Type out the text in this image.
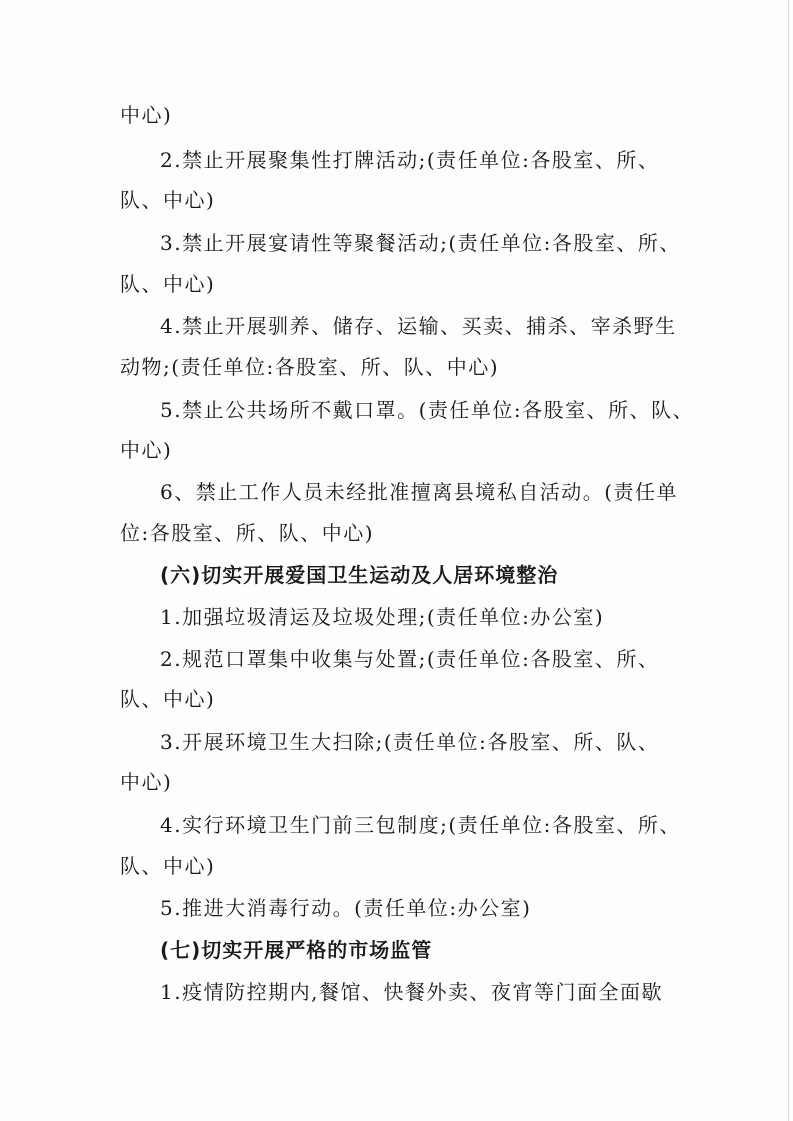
中心)
2.禁止开展聚集性打牌活动;(责任单位:各股室、所、
队、中心)
3.禁止开展宴请性等聚餐活动;(责任单位:各股室、所、
队、中心)
4.禁止开展驯养、储存、运输、买卖、捕杀、宰杀野生
动物;(责任单位:各股室、所、队、中心)
5.禁止公共场所不戴口罩。(责任单位:各股室、所、队、
中心)
6、禁止工作人员未经批准擅离县境私自活动。(责任单
位:各股室、所、队、中心)
(六)切实开展爱国卫生运动及人居环境整治
1.加强垃圾清运及垃圾处理;(责任单位:办公室)
2.规范口罩集中收集与处置;(责任单位:各股室、所、
队、中心)
3.开展环境卫生大扫除;(责任单位:各股室、所、队、
中心)
4.实行环境卫生门前三包制度;(责任单位:各股室、所、
队、中心)
5.推进大消毒行动。(责任单位:办公室)
(七)切实开展严格的市场监管
1.疫情防控期内,餐馆、快餐外卖、夜宵等门面全面歇
